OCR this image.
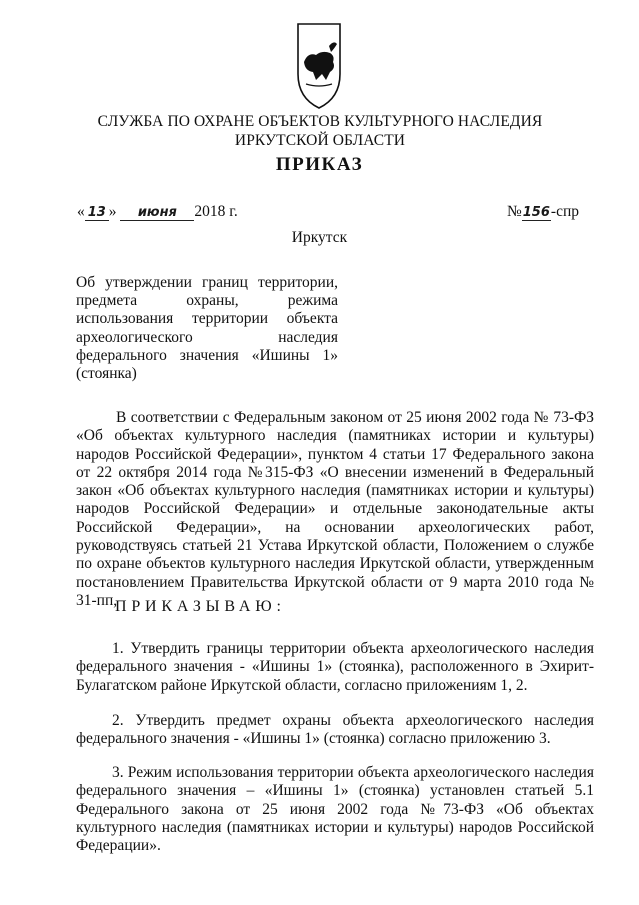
СЛУЖБА ПО ОХРАНЕ ОБЪЕКТОВ КУЛЬТУРНОГО НАСЛЕДИЯ
ИРКУТСКОЙ ОБЛАСТИ
ПРИКАЗ
« 13 » июня 2018 г.	№156-спр
Иркутск
Об утверждении границ территории,
предмета охраны, режима
использования территории объекта
археологического наследия
федерального значения «Ишины 1»
(стоянка)
В соответствии с Федеральным законом от 25 июня 2002 года № 73-ФЗ «Об объектах культурного наследия (памятниках истории и культуры) народов Российской Федерации», пунктом 4 статьи 17 Федерального закона от 22 октября 2014 года №315-ФЗ «О внесении изменений в Федеральный закон «Об объектах культурного наследия (памятниках истории и культуры) народов Российской Федерации» и отдельные законодательные акты Российской Федерации», на основании археологических работ, руководствуясь статьей 21 Устава Иркутской области, Положением о службе по охране объектов культурного наследия Иркутской области, утвержденным постановлением Правительства Иркутской области от 9 марта 2010 года № 31-пп,
ПРИКАЗЫВАЮ:
1. Утвердить границы территории объекта археологического наследия федерального значения - «Ишины 1» (стоянка), расположенного в Эхирит-Булагатском районе Иркутской области, согласно приложениям 1, 2.
2. Утвердить предмет охраны объекта археологического наследия федерального значения - «Ишины 1» (стоянка) согласно приложению 3.
3. Режим использования территории объекта археологического наследия федерального значения – «Ишины 1» (стоянка) установлен статьей 5.1 Федерального закона от 25 июня 2002 года №73-ФЗ «Об объектах культурного наследия (памятниках истории и культуры) народов Российской Федерации».
